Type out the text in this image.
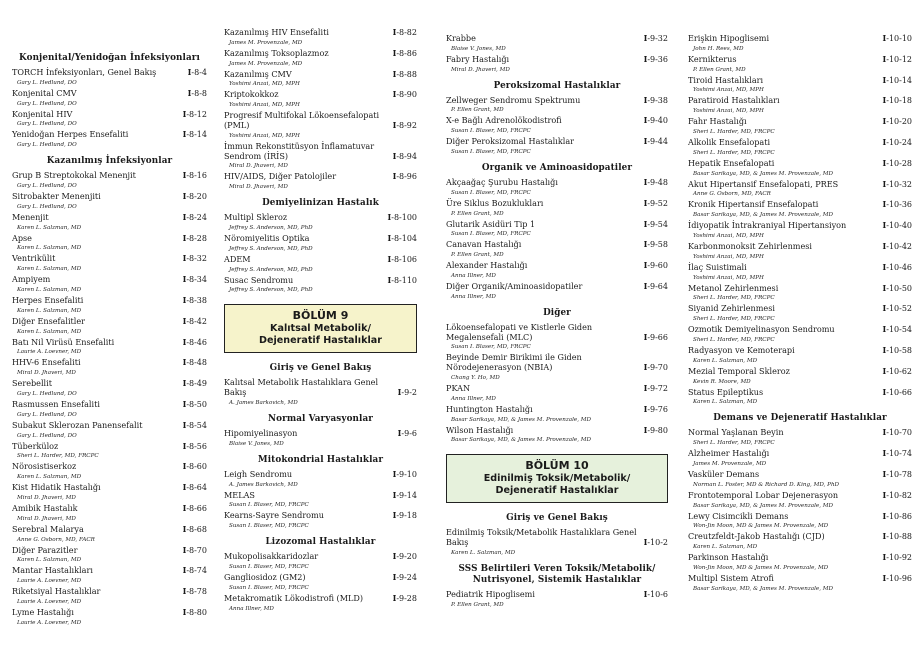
Konjenital/Yenidoğan İnfeksiyonları
TORCH İnfeksiyonları, Genel Bakış	I-8-4
Gary L. Hedlund, DO
Konjenital CMV	I-8-8
Gary L. Hedlund, DO
Konjenital HIV	I-8-12
Gary L. Hedlund, DO
Yenidoğan Herpes Ensefaliti	I-8-14
Gary L. Hedlund, DO
Kazanılmış İnfeksiyonlar
Grup B Streptokokal Menenjit	I-8-16
Gary L. Hedlund, DO
Sitrobakter Menenjiti	I-8-20
Gary L. Hedlund, DO
Menenjit	I-8-24
Karen L. Salzman, MD
Apse	I-8-28
Karen L. Salzman, MD
Ventrikülit	I-8-32
Karen L. Salzman, MD
Ampiyem	I-8-34
Karen L. Salzman, MD
Herpes Ensefaliti	I-8-38
Karen L. Salzman, MD
Diğer Ensefalitler	I-8-42
Karen L. Salzman, MD
Batı Nil Virüsü Ensefaliti	I-8-46
Laurie A. Loevner, MD
HHV-6 Ensefaliti	I-8-48
Miral D. Jhaveri, MD
Serebellit	I-8-49
Gary L. Hedlund, DO
Rasmussen Ensefaliti	I-8-50
Gary L. Hedlund, DO
Subakut Sklerozan Panensefalit	I-8-54
Gary L. Hedlund, DO
Tüberküloz	I-8-56
Sheri L. Harder, MD, FRCPC
Nörosistiserkoz	I-8-60
Karen L. Salzman, MD
Kist Hidatik Hastalığı	I-8-64
Miral D. Jhaveri, MD
Amibik Hastalık	I-8-66
Miral D. Jhaveri, MD
Serebral Malarya	I-8-68
Anne G. Osborn, MD, FACR
Diğer Parazitler	I-8-70
Karen L. Salzman, MD
Mantar Hastalıkları	I-8-74
Laurie A. Loevner, MD
Riketsiyal Hastalıklar	I-8-78
Laurie A. Loevner, MD
Lyme Hastalığı	I-8-80
Laurie A. Loevner, MD
Kazanılmış HIV Ensefaliti	I-8-82
James M. Provenzale, MD
Kazanılmış Toksoplazmoz	I-8-86
James M. Provenzale, MD
Kazanılmış CMV	I-8-88
Yoshimi Anzai, MD, MPH
Kriptokokkoz	I-8-90
Yoshimi Anzai, MD, MPH
Progresif Multifokal Lökoensefalopati (PML)	I-8-92
Yoshimi Anzai, MD, MPH
İmmun Rekonstitüsyon İnflamatuvar Sendrom (İRİS)	I-8-94
Miral D. Jhaveri, MD
HIV/AIDS, Diğer Patolojiler	I-8-96
Miral D. Jhaveri, MD
Demiyelinizan Hastalık
Multipl Skleroz	I-8-100
Jeffrey S. Anderson, MD, PhD
Nöromiyelitis Optika	I-8-104
Jeffrey S. Anderson, MD, PhD
ADEM	I-8-106
Jeffrey S. Anderson, MD, PhD
Susac Sendromu	I-8-110
Jeffrey S. Anderson, MD, PhD
BÖLÜM 9
Kalıtsal Metabolik/
Dejeneratif Hastalıklar
Giriş ve Genel Bakış
Kalıtsal Metabolik Hastalıklara Genel Bakış	I-9-2
A. James Barkovich, MD
Normal Varyasyonlar
Hipomiyelinasyon	I-9-6
Blaise V. Jones, MD
Mitokondrial Hastalıklar
Leigh Sendromu	I-9-10
A. James Barkovich, MD
MELAS	I-9-14
Susan I. Blaser, MD, FRCPC
Kearns-Sayre Sendromu	I-9-18
Susan I. Blaser, MD, FRCPC
Lizozomal Hastalıklar
Mukopolisakkaridozlar	I-9-20
Susan I. Blaser, MD, FRCPC
Gangliosidoz (GM2)	I-9-24
Susan I. Blaser, MD, FRCPC
Metakromatik Lökodistrofi (MLD)	I-9-28
Anna Illner, MD
Krabbe	I-9-32
Blaise V. Jones, MD
Fabry Hastalığı	I-9-36
Miral D. Jhaveri, MD
Peroksizomal Hastalıklar
Zellweger Sendromu Spektrumu	I-9-38
P. Ellen Grant, MD
X-e Bağlı Adrenolökodistrofi	I-9-40
Susan I. Blaser, MD, FRCPC
Diğer Peroksizomal Hastalıklar	I-9-44
Susan I. Blaser, MD, FRCPC
Organik ve Aminoasidopatiler
Akçaağaç Şurubu Hastalığı	I-9-48
Susan I. Blaser, MD, FRCPC
Üre Siklus Bozuklukları	I-9-52
P. Ellen Grant, MD
Glutarik Asidüri Tip 1	I-9-54
Susan I. Blaser, MD, FRCPC
Canavan Hastalığı	I-9-58
P. Ellen Grant, MD
Alexander Hastalığı	I-9-60
Anna Illner, MD
Diğer Organik/Aminoasidopatiler	I-9-64
Anna Illner, MD
Diğer
Lökoensefalopati ve Kistlerle Giden Megalensefali (MLC)	I-9-66
Susan I. Blaser, MD, FRCPC
Beyinde Demir Birikimi ile Giden Nörodejenerasyon (NBIA)	I-9-70
Chang Y. Ho, MD
PKAN	I-9-72
Anna Illner, MD
Huntington Hastalığı	I-9-76
Basar Sarikaya, MD, & James M. Provenzale, MD
Wilson Hastalığı	I-9-80
Basar Sarikaya, MD, & James M. Provenzale, MD
BÖLÜM 10
Edinilmiş Toksik/Metabolik/
Dejeneratif Hastalıklar
Giriş ve Genel Bakış
Edinilmiş Toksik/Metabolik Hastalıklara Genel Bakış	I-10-2
Karen L. Salzman, MD
SSS Belirtileri Veren Toksik/Metabolik/ Nutrisyonel, Sistemik Hastalıklar
Pediatrik Hipoglisemi	I-10-6
P. Ellen Grant, MD
Erişkin Hipoglisemi	I-10-10
John H. Rees, MD
Kernikterus	I-10-12
P. Ellen Grant, MD
Tiroid Hastalıkları	I-10-14
Yoshimi Anzai, MD, MPH
Paratiroid Hastalıkları	I-10-18
Yoshimi Anzai, MD, MPH
Fahr Hastalığı	I-10-20
Sheri L. Harder, MD, FRCPC
Alkolik Ensefalopati	I-10-24
Sheri L. Harder, MD, FRCPC
Hepatik Ensefalopati	I-10-28
Basar Sarikaya, MD, & James M. Provenzale, MD
Akut Hipertansif Ensefalopati, PRES	I-10-32
Anne G. Osborn, MD, FACR
Kronik Hipertansif Ensefalopati	I-10-36
Basar Sarikaya, MD, & James M. Provenzale, MD
İdiyopatik İntrakraniyal Hipertansiyon	I-10-40
Yoshimi Anzai, MD, MPH
Karbonmonoksit Zehirlenmesi	I-10-42
Yoshimi Anzai, MD, MPH
İlaç Suistimali	I-10-46
Yoshimi Anzai, MD, MPH
Metanol Zehirlenmesi	I-10-50
Sheri L. Harder, MD, FRCPC
Siyanid Zehirlenmesi	I-10-52
Sheri L. Harder, MD, FRCPC
Ozmotik Demiyelinasyon Sendromu	I-10-54
Sheri L. Harder, MD, FRCPC
Radyasyon ve Kemoterapi	I-10-58
Karen L. Salzman, MD
Mezial Temporal Skleroz	I-10-62
Kevin R. Moore, MD
Status Epileptikus	I-10-66
Karen L. Salzman, MD
Demans ve Dejeneratif Hastalıklar
Normal Yaşlanan Beyin	I-10-70
Sheri L. Harder, MD, FRCPC
Alzheimer Hastalığı	I-10-74
James M. Provenzale, MD
Vasküler Demans	I-10-78
Norman L. Foster, MD & Richard D. King, MD, PhD
Frontotemporal Lobar Dejenerasyon	I-10-82
Basar Sarikaya, MD, & James M. Provenzale, MD
Lewy Cisimcikli Demans	I-10-86
Won-Jin Moon, MD & James M. Provenzale, MD
Creutzfeldt-Jakob Hastalığı (CJD)	I-10-88
Karen L. Salzman, MD
Parkinson Hastalığı	I-10-92
Won-Jin Moon, MD & James M. Provenzale, MD
Multipl Sistem Atrofi	I-10-96
Basar Sarikaya, MD, & James M. Provenzale, MD
